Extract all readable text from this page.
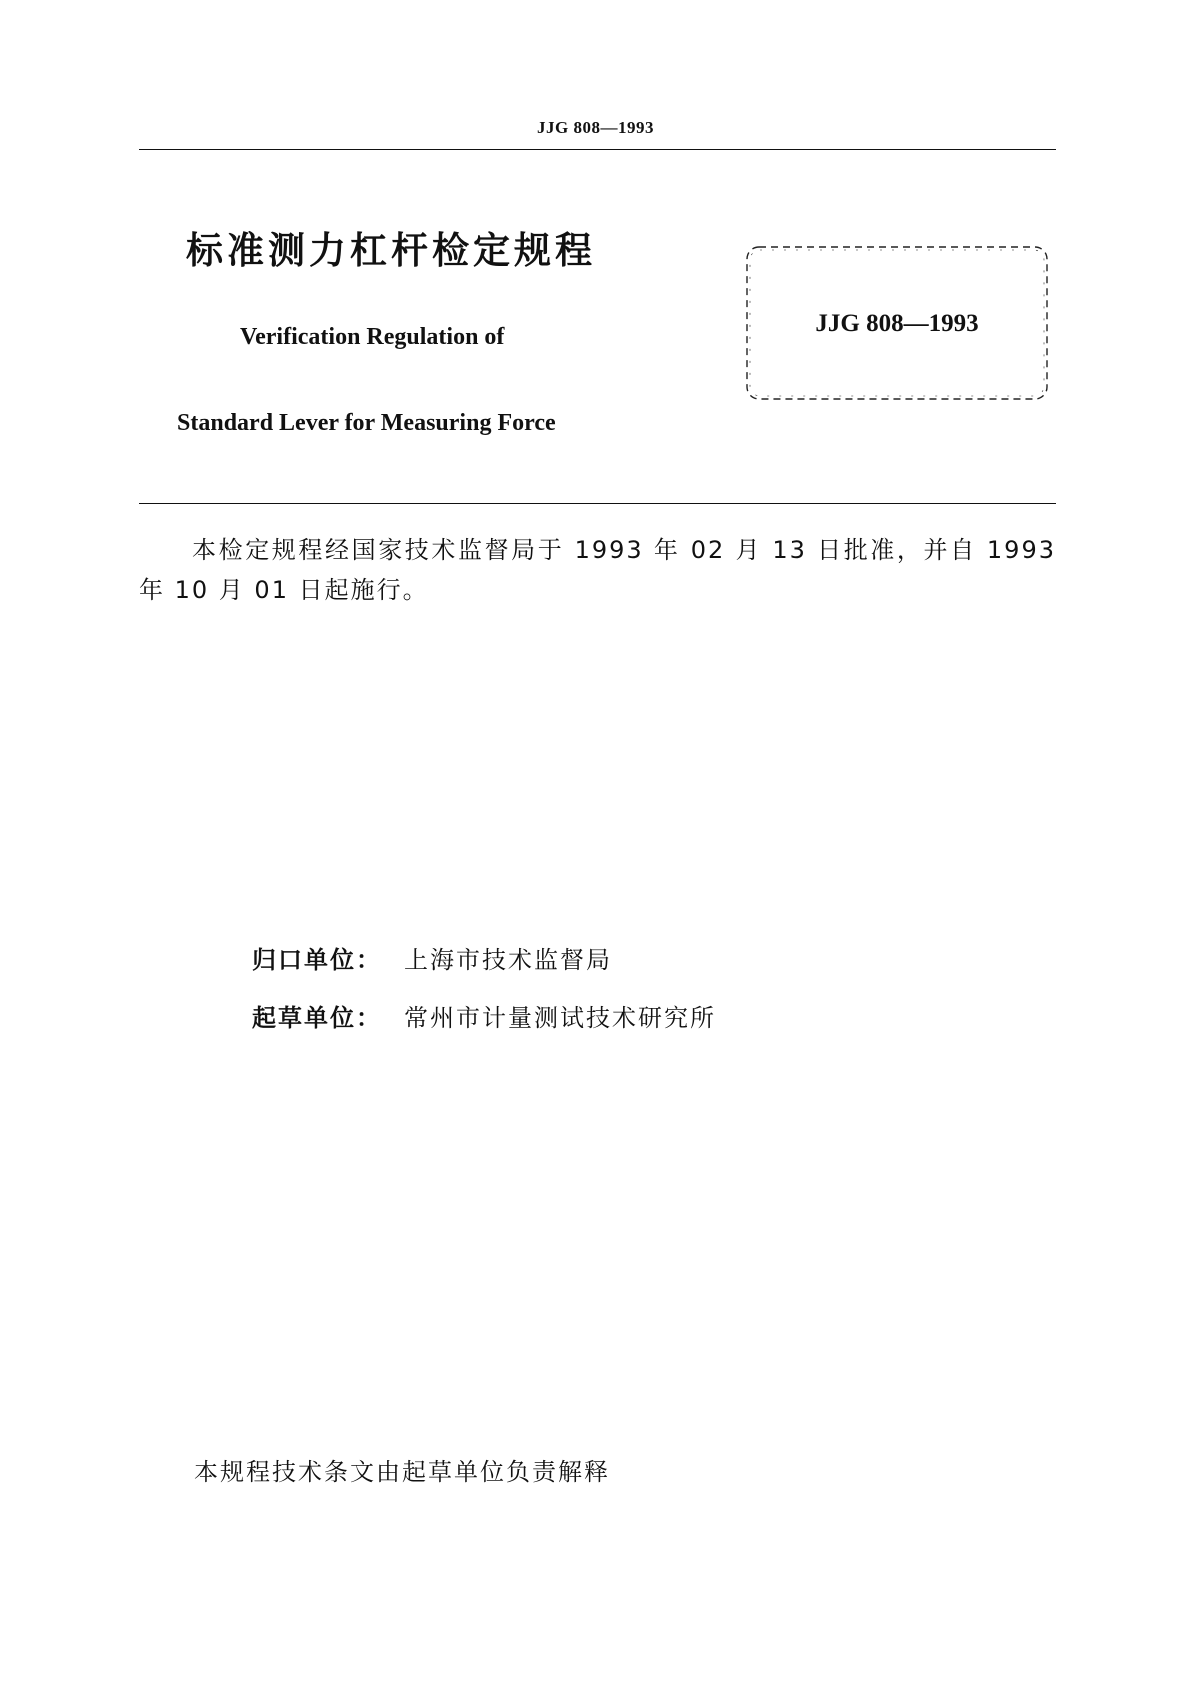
JJG 808—1993
标准测力杠杆检定规程
Verification Regulation of
Standard Lever for Measuring Force
JJG 808—1993
本检定规程经国家技术监督局于 1993 年 02 月 13 日批准，并自 1993 年 10 月 01 日起施行。
归口单位： 上海市技术监督局
起草单位： 常州市计量测试技术研究所
本规程技术条文由起草单位负责解释
